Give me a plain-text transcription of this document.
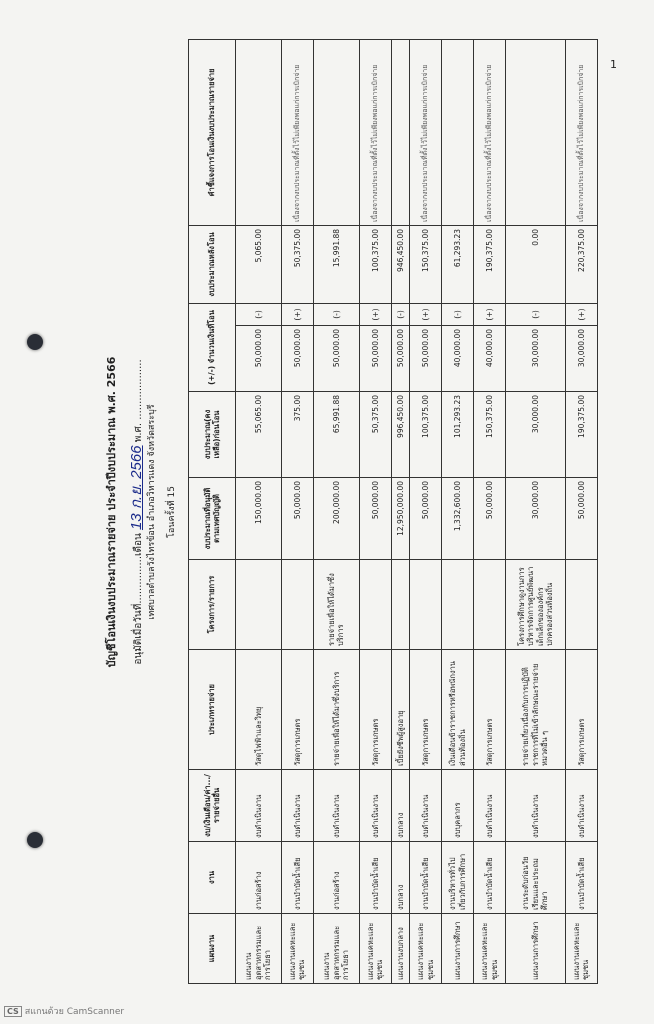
บัญชีโอนเงินงบประมาณรายจ่าย ประจำปีงบประมาณ พ.ศ. 2566	อนุมัติเมื่อวันที่...............เดือน 13 ก.ย. 2566 พ.ศ. ...................
เทศบาลตำบลวังไทรข้อน อำเภอวิหารแดง จังหวัดสระบุรี	โอนครั้งที่ 15
แผนงาน	งาน	งบ/เงินเดือน/ค่า.../รายจ่ายอื่น	ประเภทรายจ่าย	โครงการ/รายการ	งบประมาณที่อนุมัติตามเทศบัญญัติ	งบประมาณ(คงเหลือ)ก่อนโอน	(+/-) จำนวนเงินที่โอน		งบประมาณหลังโอน	คำชี้แจงการโอนเงินงบประมาณรายจ่าย
แผนงานอุตสาหกรรมและการโยธา	งานก่อสร้าง	งบดำเนินงาน	วัสดุไฟฟ้าและวิทยุ		150,000.00	55,065.00	50,000.00	(-)	5,065.00	
แผนงานเคหะและชุมชน	งานบำบัดน้ำเสีย	งบดำเนินงาน	วัสดุการเกษตร		50,000.00	375.00	50,000.00	(+)	50,375.00	เนื่องจากงบประมาณที่ตั้งไว้ไม่เพียงพอแก่การเบิกจ่าย
แผนงานอุตสาหกรรมและการโยธา	งานก่อสร้าง	งบดำเนินงาน	รายจ่ายเพื่อให้ได้มาซึ่งบริการ	รายจ่ายเพื่อให้ได้มาซึ่งบริการ	200,000.00	65,991.88	50,000.00	(-)	15,991.88	
แผนงานเคหะและชุมชน	งานบำบัดน้ำเสีย	งบดำเนินงาน	วัสดุการเกษตร		50,000.00	50,375.00	50,000.00	(+)	100,375.00	เนื่องจากงบประมาณที่ตั้งไว้ไม่เพียงพอแก่การเบิกจ่าย
แผนงานงบกลาง	งบกลาง	งบกลาง	เบี้ยยังชีพผู้สูงอายุ		12,950,000.00	996,450.00	50,000.00	(-)	946,450.00	
แผนงานเคหะและชุมชน	งานบำบัดน้ำเสีย	งบดำเนินงาน	วัสดุการเกษตร		50,000.00	100,375.00	50,000.00	(+)	150,375.00	เนื่องจากงบประมาณที่ตั้งไว้ไม่เพียงพอแก่การเบิกจ่าย
แผนงานการศึกษา	งานบริหารทั่วไปเกี่ยวกับการศึกษา	งบบุคลากร	เงินเดือนข้าราชการหรือพนักงานส่วนท้องถิ่น		1,332,600.00	101,293.23	40,000.00	(-)	61,293.23	
แผนงานเคหะและชุมชน	งานบำบัดน้ำเสีย	งบดำเนินงาน	วัสดุการเกษตร		50,000.00	150,375.00	40,000.00	(+)	190,375.00	เนื่องจากงบประมาณที่ตั้งไว้ไม่เพียงพอแก่การเบิกจ่าย
แผนงานการศึกษา	งานระดับก่อนวัยเรียนและประถมศึกษา	งบดำเนินงาน	รายจ่ายเกี่ยวเนื่องกับการปฏิบัติราชการที่ไม่เข้าลักษณะรายจ่ายหมวดอื่น ๆ	โครงการศึกษาดูงานการบริหารจัดการศูนย์พัฒนาเด็กเล็กขององค์กรปกครองส่วนท้องถิ่น	30,000.00	30,000.00	30,000.00	(-)	0.00	
แผนงานเคหะและชุมชน	งานบำบัดน้ำเสีย	งบดำเนินงาน	วัสดุการเกษตร		50,000.00	190,375.00	30,000.00	(+)	220,375.00	เนื่องจากงบประมาณที่ตั้งไว้ไม่เพียงพอแก่การเบิกจ่าย
1
CS สแกนด้วย CamScanner
